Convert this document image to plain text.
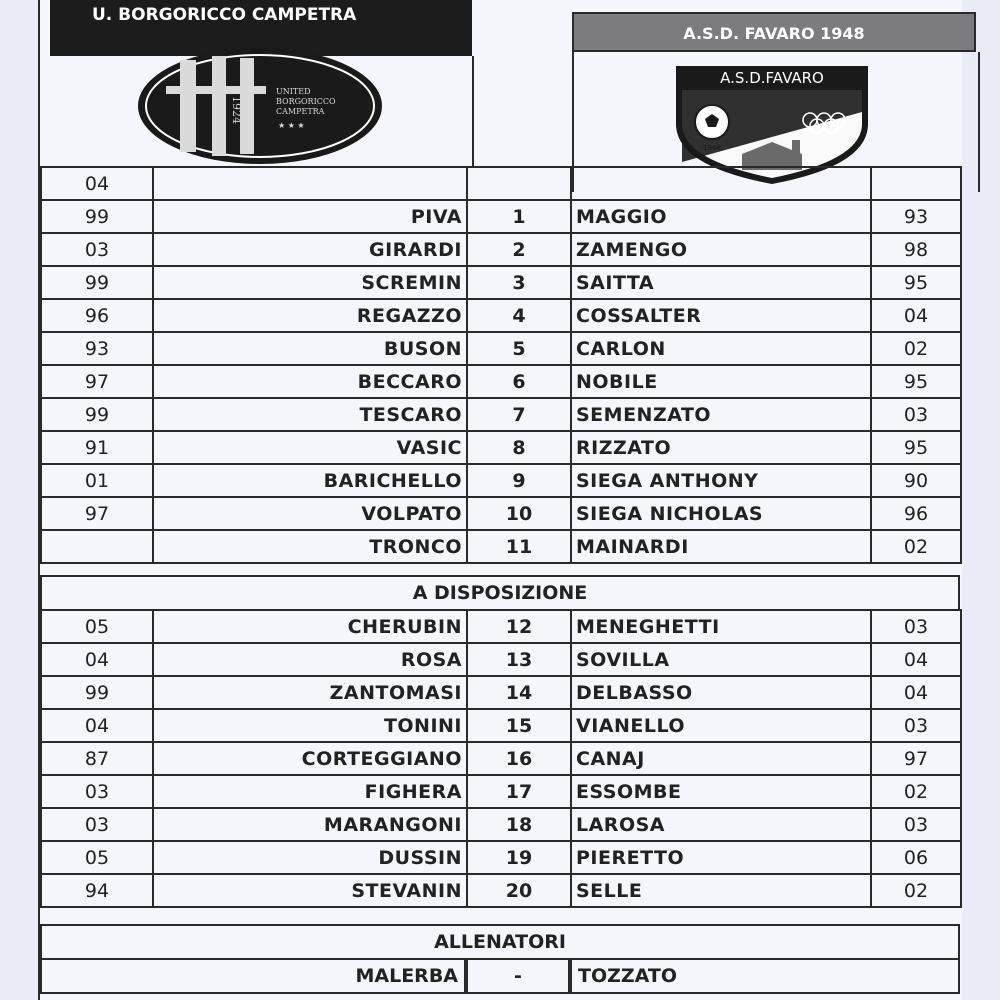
U. BORGORICCO CAMPETRA
1924
UNITED
BORGORICCO
CAMPETRA
★ ★ ★
A.S.D. FAVARO 1948
A.S.D.FAVARO
1948
04				
99	PIVA	1	MAGGIO	93
03	GIRARDI	2	ZAMENGO	98
99	SCREMIN	3	SAITTA	95
96	REGAZZO	4	COSSALTER	04
93	BUSON	5	CARLON	02
97	BECCARO	6	NOBILE	95
99	TESCARO	7	SEMENZATO	03
91	VASIC	8	RIZZATO	95
01	BARICHELLO	9	SIEGA ANTHONY	90
97	VOLPATO	10	SIEGA NICHOLAS	96
	TRONCO	11	MAINARDI	02
A DISPOSIZIONE
05	CHERUBIN	12	MENEGHETTI	03
04	ROSA	13	SOVILLA	04
99	ZANTOMASI	14	DELBASSO	04
04	TONINI	15	VIANELLO	03
87	CORTEGGIANO	16	CANAJ	97
03	FIGHERA	17	ESSOMBE	02
03	MARANGONI	18	LAROSA	03
05	DUSSIN	19	PIERETTO	06
94	STEVANIN	20	SELLE	02
ALLENATORI
MALERBA	-	TOZZATO
